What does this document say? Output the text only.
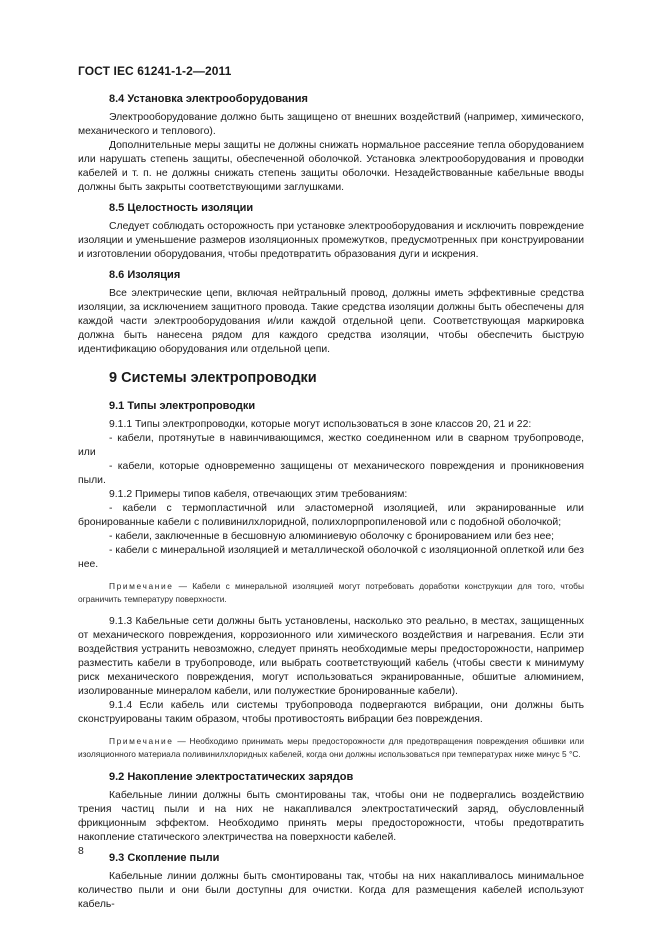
ГОСТ IEC 61241-1-2—2011
8.4 Установка электрооборудования

Электрооборудование должно быть защищено от внешних воздействий (например, химического, механического и теплового).

Дополнительные меры защиты не должны снижать нормальное рассеяние тепла оборудованием или нарушать степень защиты, обеспеченной оболочкой. Установка электрооборудования и проводки кабелей и т. п. не должны снижать степень защиты оболочки. Незадействованные кабельные вводы должны быть закрыты соответствующими заглушками.

8.5 Целостность изоляции

Следует соблюдать осторожность при установке электрооборудования и исключить повреждение изоляции и уменьшение размеров изоляционных промежутков, предусмотренных при конструировании и изготовлении оборудования, чтобы предотвратить образования дуги и искрения.

8.6 Изоляция

Все электрические цепи, включая нейтральный провод, должны иметь эффективные средства изоляции, за исключением защитного провода. Такие средства изоляции должны быть обеспечены для каждой части электрооборудования и/или каждой отдельной цепи. Соответствующая маркировка должна быть нанесена рядом для каждого средства изоляции, чтобы обеспечить быструю идентификацию оборудования или отдельной цепи.

9 Системы электропроводки
9.1 Типы электропроводки

9.1.1 Типы электропроводки, которые могут использоваться в зоне классов 20, 21 и 22:

- кабели, протянутые в навинчивающимся, жестко соединенном или в сварном трубопроводе, или

- кабели, которые одновременно защищены от механического повреждения и проникновения пыли.

9.1.2 Примеры типов кабеля, отвечающих этим требованиям:

- кабели с термопластичной или эластомерной изоляцией, или экранированные или бронированные кабели с поливинилхлоридной, полихлорпропиленовой или с подобной оболочкой;

- кабели, заключенные в бесшовную алюминиевую оболочку с бронированием или без нее;

- кабели с минеральной изоляцией и металлической оболочкой с изоляционной оплеткой или без нее.

Примечание — Кабели с минеральной изоляцией могут потребовать доработки конструкции для того, чтобы ограничить температуру поверхности.

9.1.3 Кабельные сети должны быть установлены, насколько это реально, в местах, защищенных от механического повреждения, коррозионного или химического воздействия и нагревания. Если эти воздействия устранить невозможно, следует принять необходимые меры предосторожности, например разместить кабели в трубопроводе, или выбрать соответствующий кабель (чтобы свести к минимуму риск механического повреждения, могут использоваться экранированные, обшитые алюминием, изолированные минералом кабели, или полужесткие бронированные кабели).

9.1.4 Если кабель или системы трубопровода подвергаются вибрации, они должны быть сконструированы таким образом, чтобы противостоять вибрации без повреждения.

Примечание — Необходимо принимать меры предосторожности для предотвращения повреждения обшивки или изоляционного материала поливинилхлоридных кабелей, когда они должны использоваться при температурах ниже минус 5 °С.

9.2 Накопление электростатических зарядов

Кабельные линии должны быть смонтированы так, чтобы они не подвергались воздействию трения частиц пыли и на них не накапливался электростатический заряд, обусловленный фрикционным эффектом. Необходимо принять меры предосторожности, чтобы предотвратить накопление статического электричества на поверхности кабелей.

9.3 Скопление пыли

Кабельные линии должны быть смонтированы так, чтобы на них накапливалось минимальное количество пыли и они были доступны для очистки. Когда для размещения кабелей используют кабель-

8
